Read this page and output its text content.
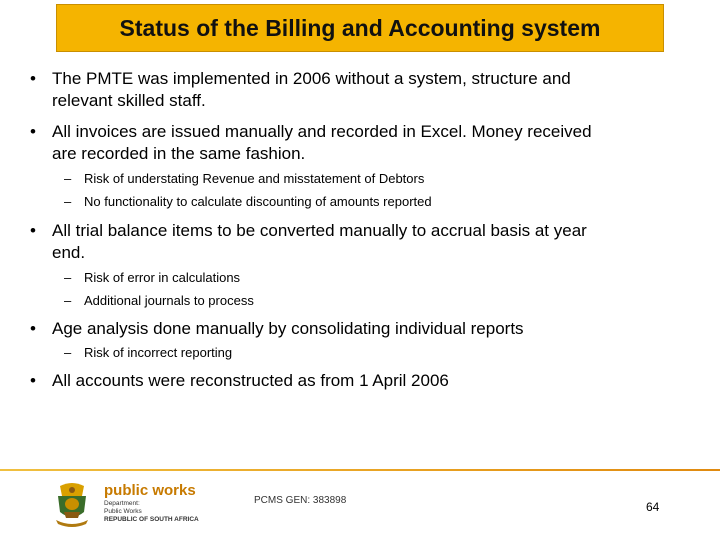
Status of the Billing and Accounting system
• The PMTE was implemented in 2006 without a system, structure and
relevant skilled staff.
• All invoices are issued manually and recorded in Excel. Money received
are recorded in the same fashion.
– Risk of understating Revenue and misstatement of Debtors
– No functionality to calculate discounting of amounts reported
• All trial balance items to be converted manually to accrual basis at year
end.
– Risk of error in calculations
– Additional journals to process
• Age analysis done manually by consolidating individual reports
– Risk of incorrect reporting
• All accounts were reconstructed as from 1 April 2006
public works
Department:
Public Works
REPUBLIC OF SOUTH AFRICA
PCMS GEN: 383898	64
